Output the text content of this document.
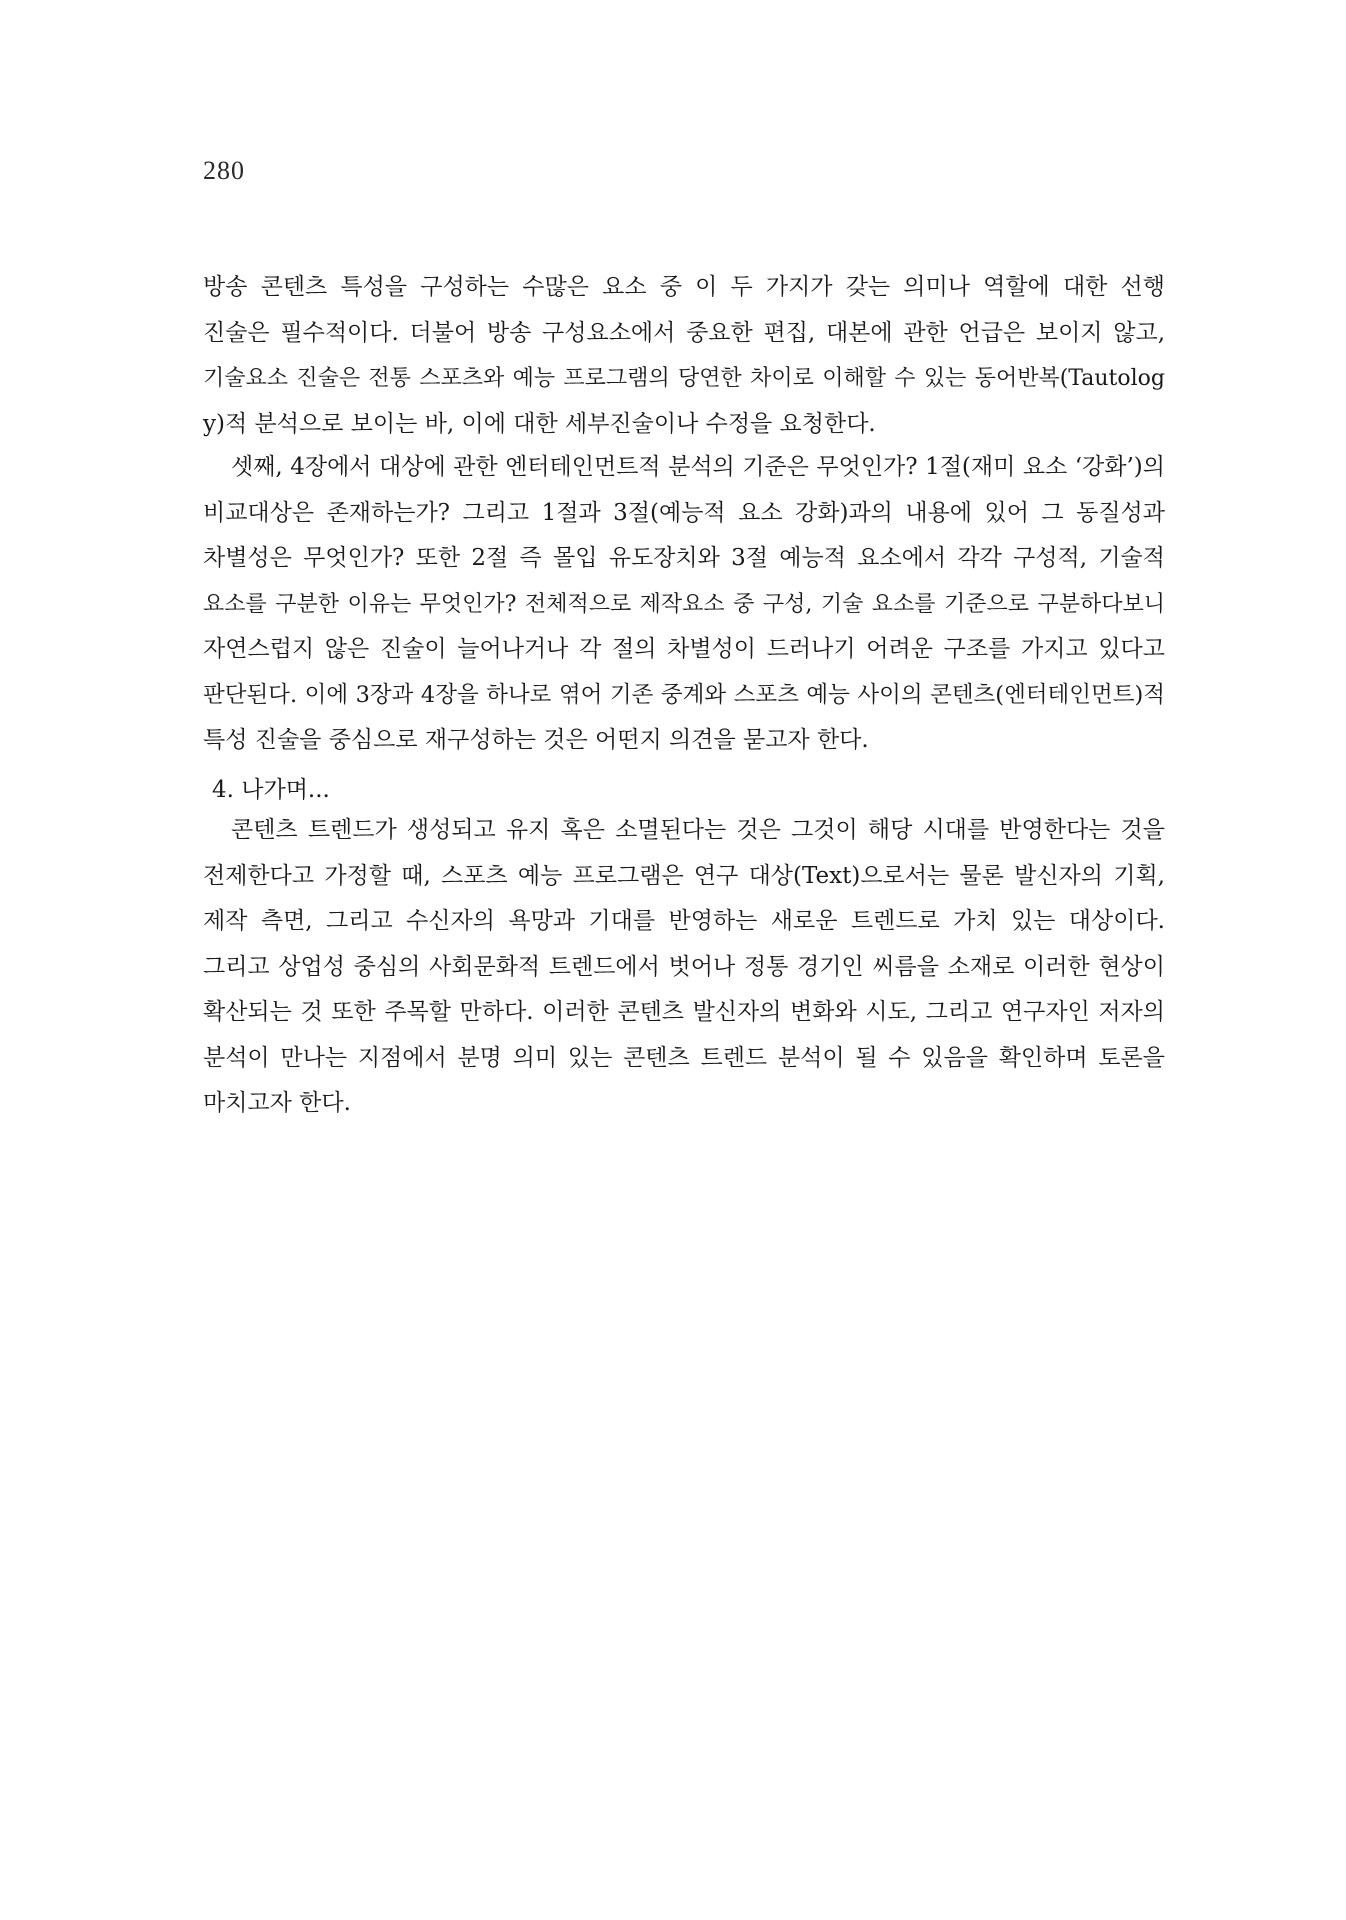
280
방송 콘텐츠 특성을 구성하는 수많은 요소 중 이 두 가지가 갖는 의미나 역할에 대한 선행
진술은 필수적이다. 더불어 방송 구성요소에서 중요한 편집, 대본에 관한 언급은 보이지 않고,
기술요소 진술은 전통 스포츠와 예능 프로그램의 당연한 차이로 이해할 수 있는 동어반복(Tautolog
y)적 분석으로 보이는 바, 이에 대한 세부진술이나 수정을 요청한다.
셋째, 4장에서 대상에 관한 엔터테인먼트적 분석의 기준은 무엇인가? 1절(재미 요소 ‘강화’)의
비교대상은 존재하는가? 그리고 1절과 3절(예능적 요소 강화)과의 내용에 있어 그 동질성과
차별성은 무엇인가? 또한 2절 즉 몰입 유도장치와 3절 예능적 요소에서 각각 구성적, 기술적
요소를 구분한 이유는 무엇인가? 전체적으로 제작요소 중 구성, 기술 요소를 기준으로 구분하다보니
자연스럽지 않은 진술이 늘어나거나 각 절의 차별성이 드러나기 어려운 구조를 가지고 있다고
판단된다. 이에 3장과 4장을 하나로 엮어 기존 중계와 스포츠 예능 사이의 콘텐츠(엔터테인먼트)적
특성 진술을 중심으로 재구성하는 것은 어떤지 의견을 묻고자 한다.
4. 나가며...
콘텐츠 트렌드가 생성되고 유지 혹은 소멸된다는 것은 그것이 해당 시대를 반영한다는 것을
전제한다고 가정할 때, 스포츠 예능 프로그램은 연구 대상(Text)으로서는 물론 발신자의 기획,
제작 측면, 그리고 수신자의 욕망과 기대를 반영하는 새로운 트렌드로 가치 있는 대상이다.
그리고 상업성 중심의 사회문화적 트렌드에서 벗어나 정통 경기인 씨름을 소재로 이러한 현상이
확산되는 것 또한 주목할 만하다. 이러한 콘텐츠 발신자의 변화와 시도, 그리고 연구자인 저자의
분석이 만나는 지점에서 분명 의미 있는 콘텐츠 트렌드 분석이 될 수 있음을 확인하며 토론을
마치고자 한다.
